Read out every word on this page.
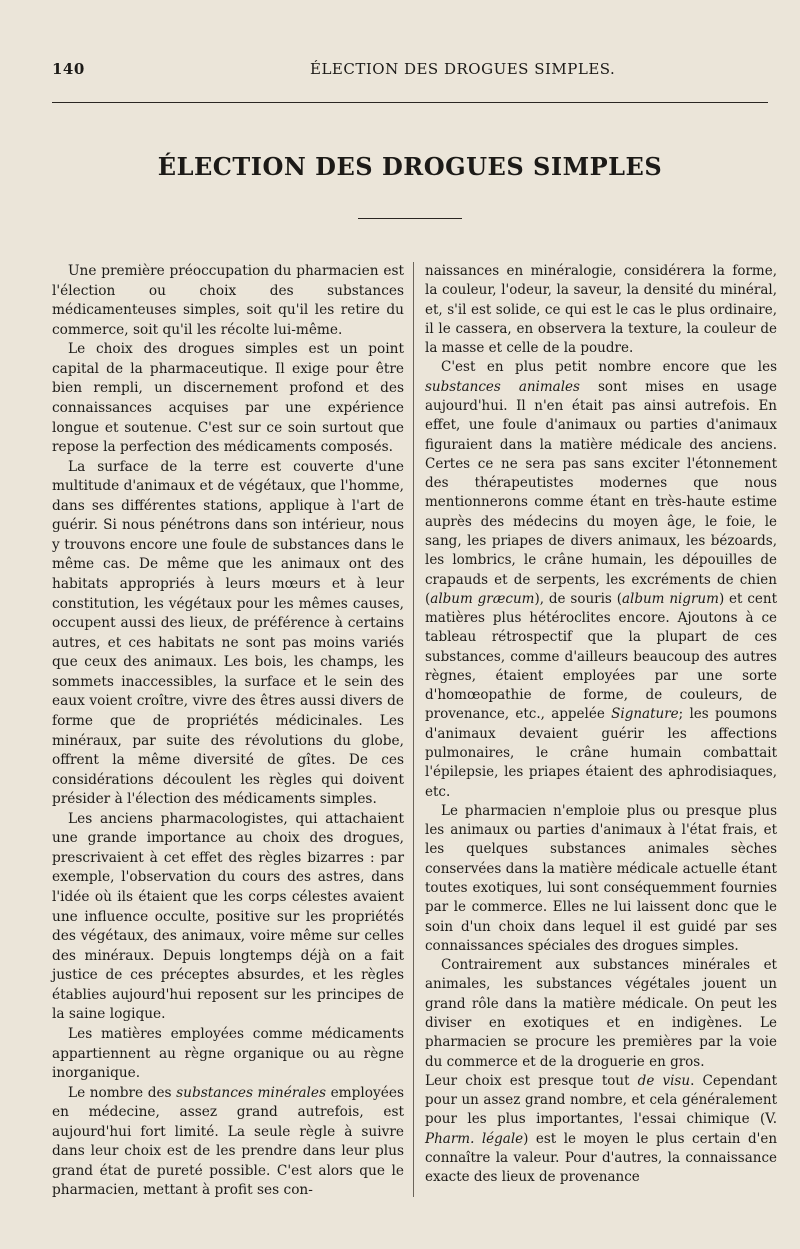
140	ÉLECTION DES DROGUES SIMPLES.
ÉLECTION DES DROGUES SIMPLES

Une première préoccupation du pharmacien est l'élection ou choix des substances médicamenteuses simples, soit qu'il les retire du commerce, soit qu'il les récolte lui-même.

Le choix des drogues simples est un point capital de la pharmaceutique. Il exige pour être bien rempli, un discernement profond et des connaissances acquises par une expérience longue et soutenue. C'est sur ce soin surtout que repose la perfection des médicaments composés.

La surface de la terre est couverte d'une multitude d'animaux et de végétaux, que l'homme, dans ses différentes stations, applique à l'art de guérir. Si nous pénétrons dans son intérieur, nous y trouvons encore une foule de substances dans le même cas. De même que les animaux ont des habitats appropriés à leurs mœurs et à leur constitution, les végétaux pour les mêmes causes, occupent aussi des lieux, de préférence à certains autres, et ces habitats ne sont pas moins variés que ceux des animaux. Les bois, les champs, les sommets inaccessibles, la surface et le sein des eaux voient croître, vivre des êtres aussi divers de forme que de propriétés médicinales. Les minéraux, par suite des révolutions du globe, offrent la même diversité de gîtes. De ces considérations découlent les règles qui doivent présider à l'élection des médicaments simples.

Les anciens pharmacologistes, qui attachaient une grande importance au choix des drogues, prescrivaient à cet effet des règles bizarres : par exemple, l'observation du cours des astres, dans l'idée où ils étaient que les corps célestes avaient une influence occulte, positive sur les propriétés des végétaux, des animaux, voire même sur celles des minéraux. Depuis longtemps déjà on a fait justice de ces préceptes absurdes, et les règles établies aujourd'hui reposent sur les principes de la saine logique.

Les matières employées comme médicaments appartiennent au règne organique ou au règne inorganique.

Le nombre des substances minérales employées en médecine, assez grand autrefois, est aujourd'hui fort limité. La seule règle à suivre dans leur choix est de les prendre dans leur plus grand état de pureté possible. C'est alors que le pharmacien, mettant à profit ses con-

naissances en minéralogie, considérera la forme, la couleur, l'odeur, la saveur, la densité du minéral, et, s'il est solide, ce qui est le cas le plus ordinaire, il le cassera, en observera la texture, la couleur de la masse et celle de la poudre.

C'est en plus petit nombre encore que les substances animales sont mises en usage aujourd'hui. Il n'en était pas ainsi autrefois. En effet, une foule d'animaux ou parties d'animaux figuraient dans la matière médicale des anciens. Certes ce ne sera pas sans exciter l'étonnement des thérapeutistes modernes que nous mentionnerons comme étant en très-haute estime auprès des médecins du moyen âge, le foie, le sang, les priapes de divers animaux, les bézoards, les lombrics, le crâne humain, les dépouilles de crapauds et de serpents, les excréments de chien (album græcum), de souris (album nigrum) et cent matières plus hétéroclites encore. Ajoutons à ce tableau rétrospectif que la plupart de ces substances, comme d'ailleurs beaucoup des autres règnes, étaient employées par une sorte d'homœopathie de forme, de couleurs, de provenance, etc., appelée Signature; les poumons d'animaux devaient guérir les affections pulmonaires, le crâne humain combattait l'épilepsie, les priapes étaient des aphrodisiaques, etc.

Le pharmacien n'emploie plus ou presque plus les animaux ou parties d'animaux à l'état frais, et les quelques substances animales sèches conservées dans la matière médicale actuelle étant toutes exotiques, lui sont conséquemment fournies par le commerce. Elles ne lui laissent donc que le soin d'un choix dans lequel il est guidé par ses connaissances spéciales des drogues simples.

Contrairement aux substances minérales et animales, les substances végétales jouent un grand rôle dans la matière médicale. On peut les diviser en exotiques et en indigènes. Le pharmacien se procure les premières par la voie du commerce et de la droguerie en gros.

Leur choix est presque tout de visu. Cependant pour un assez grand nombre, et cela généralement pour les plus importantes, l'essai chimique (V. Pharm. légale) est le moyen le plus certain d'en connaître la valeur. Pour d'autres, la connaissance exacte des lieux de provenance
